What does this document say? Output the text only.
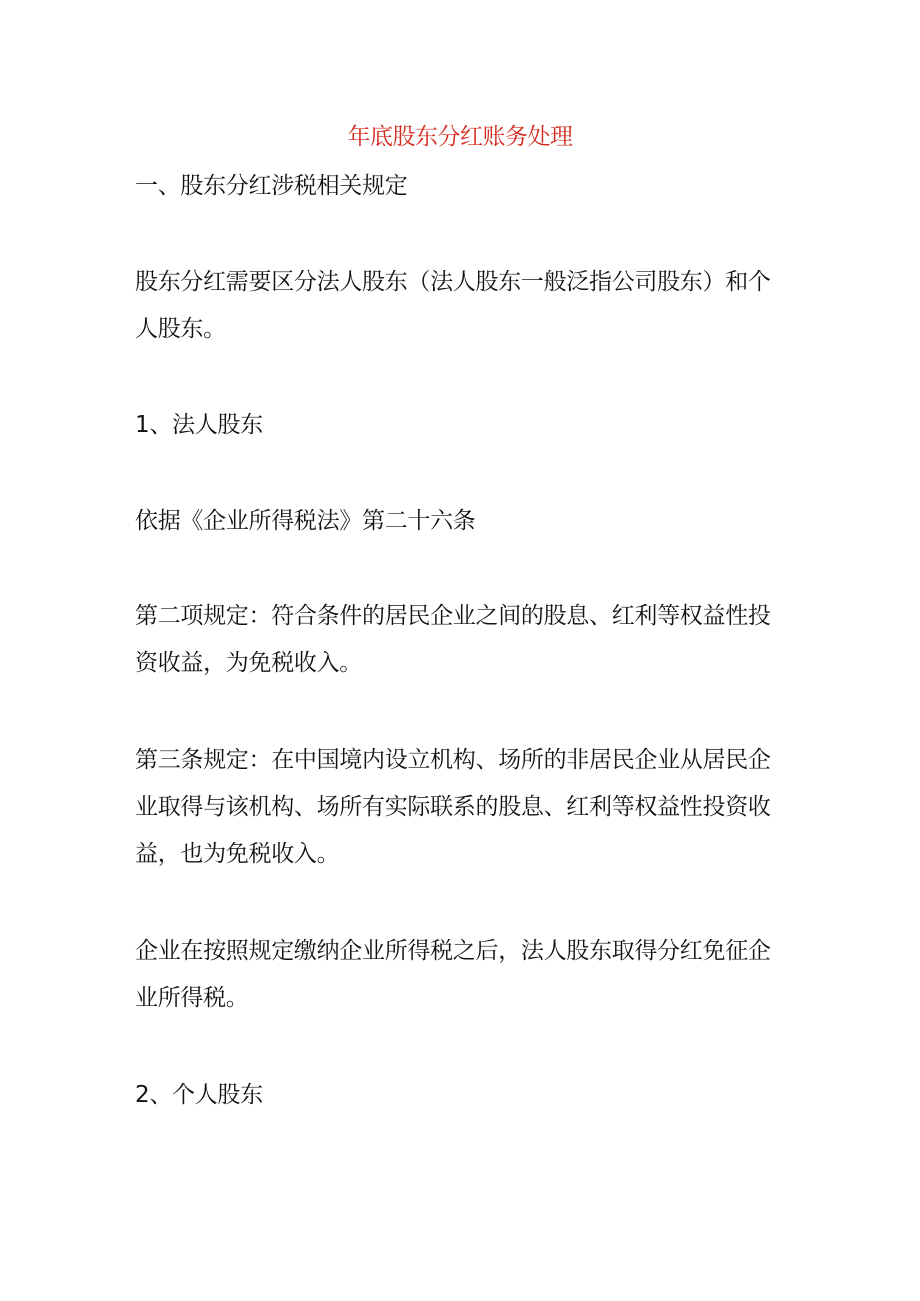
年底股东分红账务处理
一、股东分红涉税相关规定
股东分红需要区分法人股东（法人股东一般泛指公司股东）和个
人股东。
1、法人股东
依据《企业所得税法》第二十六条
第二项规定：符合条件的居民企业之间的股息、红利等权益性投
资收益，为免税收入。
第三条规定：在中国境内设立机构、场所的非居民企业从居民企
业取得与该机构、场所有实际联系的股息、红利等权益性投资收
益，也为免税收入。
企业在按照规定缴纳企业所得税之后，法人股东取得分红免征企
业所得税。
2、个人股东
